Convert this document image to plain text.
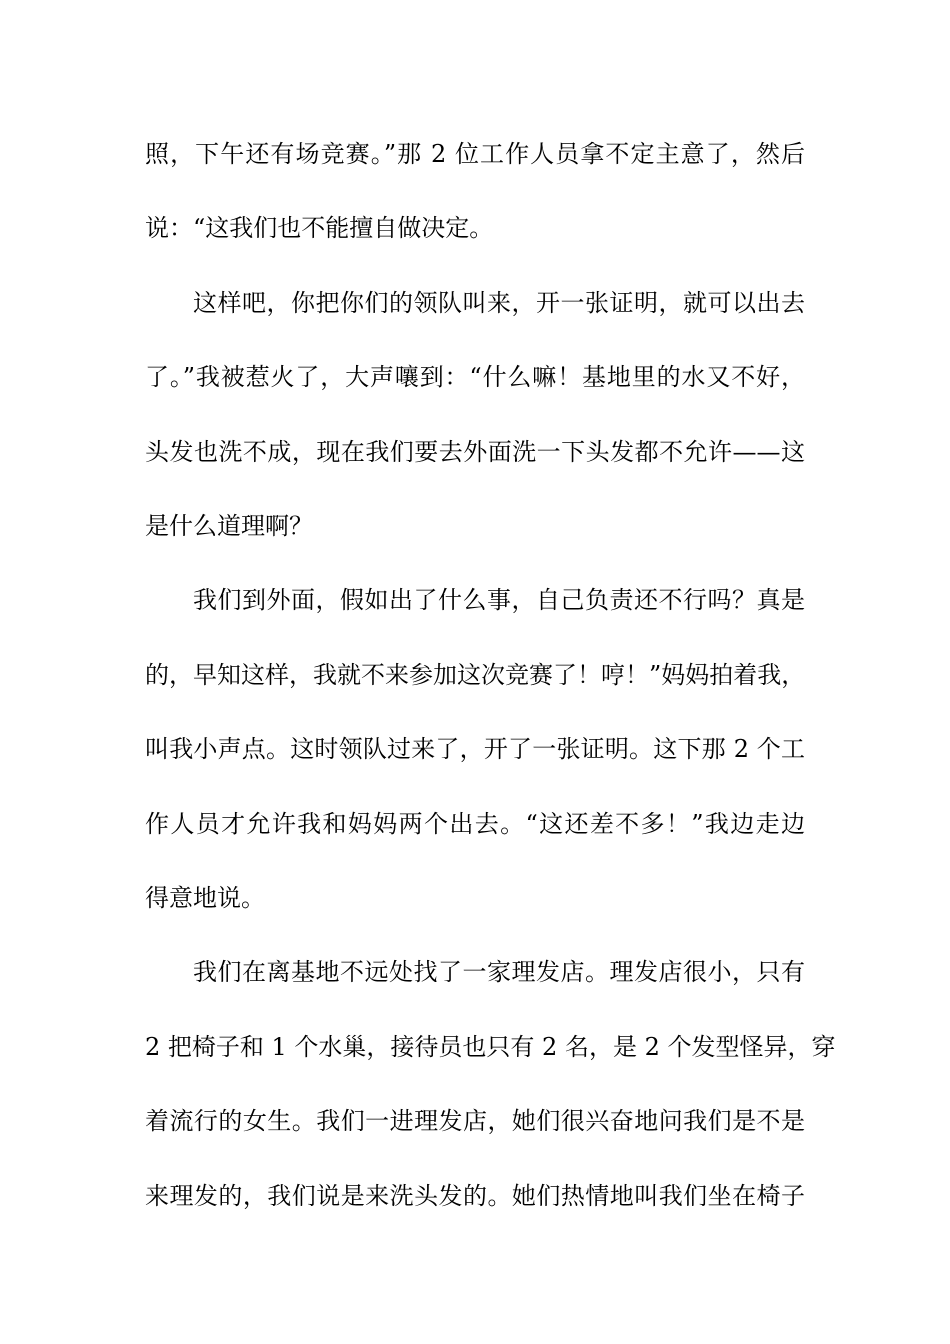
照，下午还有场竞赛。”那 2 位工作人员拿不定主意了，然后
说：“这我们也不能擅自做决定。
这样吧，你把你们的领队叫来，开一张证明，就可以出去
了。”我被惹火了，大声嚷到：“什么嘛！基地里的水又不好，
头发也洗不成，现在我们要去外面洗一下头发都不允许——这
是什么道理啊？
我们到外面，假如出了什么事，自己负责还不行吗？真是
的，早知这样，我就不来参加这次竞赛了！哼！”妈妈拍着我，
叫我小声点。这时领队过来了，开了一张证明。这下那 2 个工
作人员才允许我和妈妈两个出去。“这还差不多！”我边走边
得意地说。
我们在离基地不远处找了一家理发店。理发店很小，只有
2 把椅子和 1 个水巢，接待员也只有 2 名，是 2 个发型怪异，穿
着流行的女生。我们一进理发店，她们很兴奋地问我们是不是
来理发的，我们说是来洗头发的。她们热情地叫我们坐在椅子
